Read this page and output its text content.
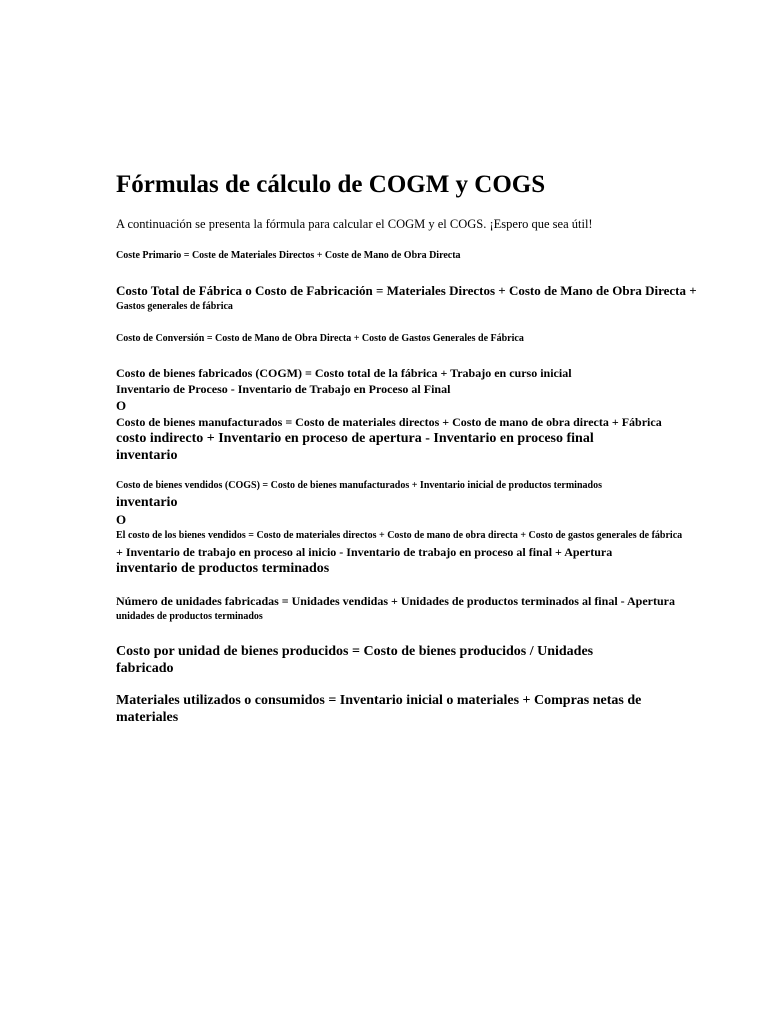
Fórmulas de cálculo de COGM y COGS
A continuación se presenta la fórmula para calcular el COGM y el COGS. ¡Espero que sea útil!
Coste Primario = Coste de Materiales Directos + Coste de Mano de Obra Directa
Costo Total de Fábrica o Costo de Fabricación = Materiales Directos + Costo de Mano de Obra Directa +
Gastos generales de fábrica
Costo de Conversión = Costo de Mano de Obra Directa + Costo de Gastos Generales de Fábrica
Costo de bienes fabricados (COGM) = Costo total de la fábrica + Trabajo en curso inicial
Inventario de Proceso - Inventario de Trabajo en Proceso al Final
O
Costo de bienes manufacturados = Costo de materiales directos + Costo de mano de obra directa + Fábrica
costo indirecto + Inventario en proceso de apertura - Inventario en proceso final
inventario
Costo de bienes vendidos (COGS) = Costo de bienes manufacturados + Inventario inicial de productos terminados
inventario
O
El costo de los bienes vendidos = Costo de materiales directos + Costo de mano de obra directa + Costo de gastos generales de fábrica
+ Inventario de trabajo en proceso al inicio - Inventario de trabajo en proceso al final + Apertura
inventario de productos terminados
Número de unidades fabricadas = Unidades vendidas + Unidades de productos terminados al final - Apertura
unidades de productos terminados
Costo por unidad de bienes producidos = Costo de bienes producidos / Unidades
fabricado
Materiales utilizados o consumidos = Inventario inicial o materiales + Compras netas de
materiales
